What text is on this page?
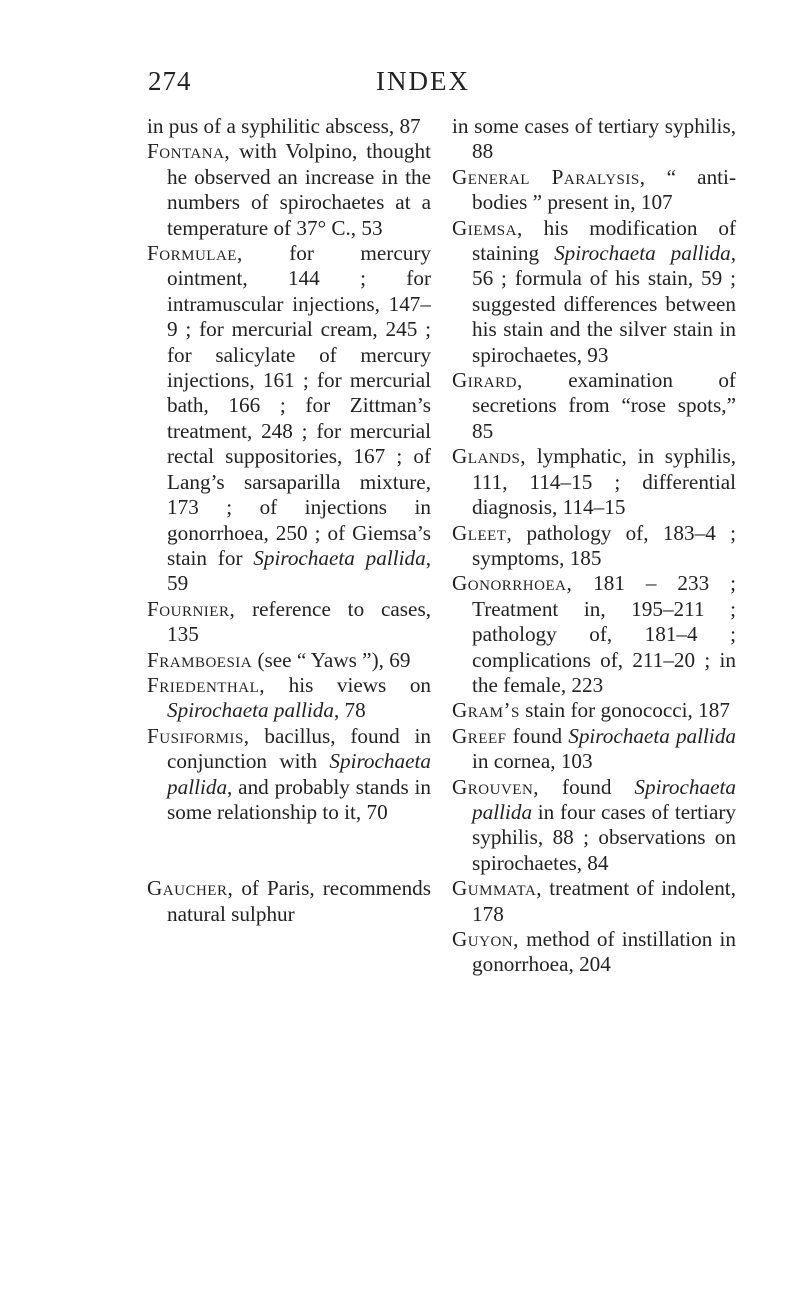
274	INDEX

in pus of a syphilitic abscess, 87

Fontana, with Volpino, thought he observed an increase in the numbers of spirochaetes at a temperature of 37° C., 53

Formulae, for mercury ointment, 144 ; for intramuscular injections, 147–9 ; for mercurial cream, 245 ; for salicylate of mercury injections, 161 ; for mercurial bath, 166 ; for Zittman’s treatment, 248 ; for mercurial rectal suppositories, 167 ; of Lang’s sarsaparilla mixture, 173 ; of injections in gonorrhoea, 250 ; of Giemsa’s stain for Spirochaeta pallida, 59

Fournier, reference to cases, 135

Framboesia (see “ Yaws ”), 69

Friedenthal, his views on Spirochaeta pallida, 78

Fusiformis, bacillus, found in conjunction with Spirochaeta pallida, and probably stands in some relationship to it, 70

Gaucher, of Paris, recommends natural sulphur

in some cases of tertiary syphilis, 88

General Paralysis, “ anti-bodies ” present in, 107

Giemsa, his modification of staining Spirochaeta pallida, 56 ; formula of his stain, 59 ; suggested differences between his stain and the silver stain in spirochaetes, 93

Girard, examination of secretions from “rose spots,” 85

Glands, lymphatic, in syphilis, 111, 114–15 ; differential diagnosis, 114–15

Gleet, pathology of, 183–4 ; symptoms, 185

Gonorrhoea, 181 – 233 ; Treatment in, 195–211 ; pathology of, 181–4 ; complications of, 211–20 ; in the female, 223

Gram’s stain for gonococci, 187

Greef found Spirochaeta pallida in cornea, 103

Grouven, found Spirochaeta pallida in four cases of tertiary syphilis, 88 ; observations on spirochaetes, 84

Gummata, treatment of indolent, 178

Guyon, method of instillation in gonorrhoea, 204
